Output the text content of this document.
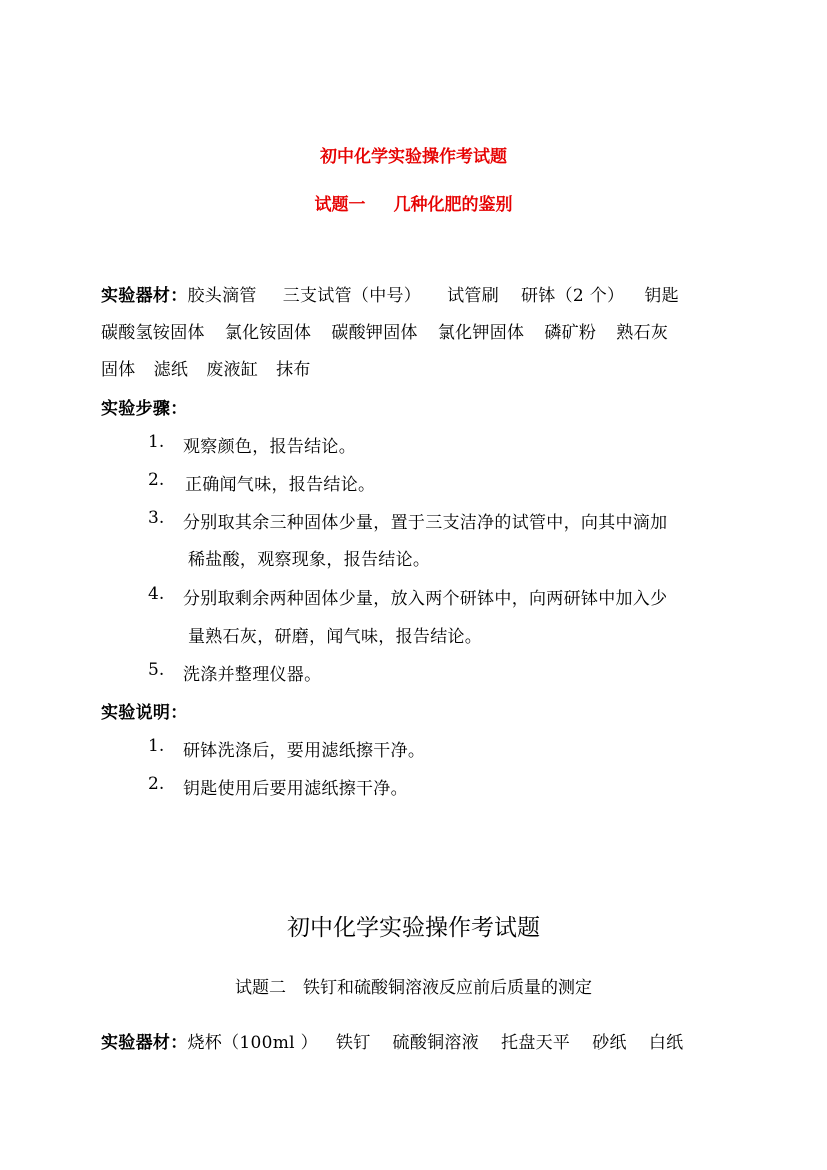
初中化学实验操作考试题
试题一 几种化肥的鉴别
实验器材：胶头滴管 三支试管（中号） 试管刷 研钵（2 个） 钥匙
碳酸氢铵固体 氯化铵固体 碳酸钾固体 氯化钾固体 磷矿粉 熟石灰
固体 滤纸 废液缸 抹布
实验步骤：
1. 观察颜色，报告结论。
2. 正确闻气味，报告结论。
3. 分别取其余三种固体少量，置于三支洁净的试管中，向其中滴加
稀盐酸，观察现象，报告结论。
4. 分别取剩余两种固体少量，放入两个研钵中，向两研钵中加入少
量熟石灰，研磨，闻气味，报告结论。
5. 洗涤并整理仪器。
实验说明：
1. 研钵洗涤后，要用滤纸擦干净。
2. 钥匙使用后要用滤纸擦干净。
初中化学实验操作考试题
试题二　铁钉和硫酸铜溶液反应前后质量的测定
实验器材：烧杯（100ml ） 铁钉 硫酸铜溶液 托盘天平 砂纸 白纸
